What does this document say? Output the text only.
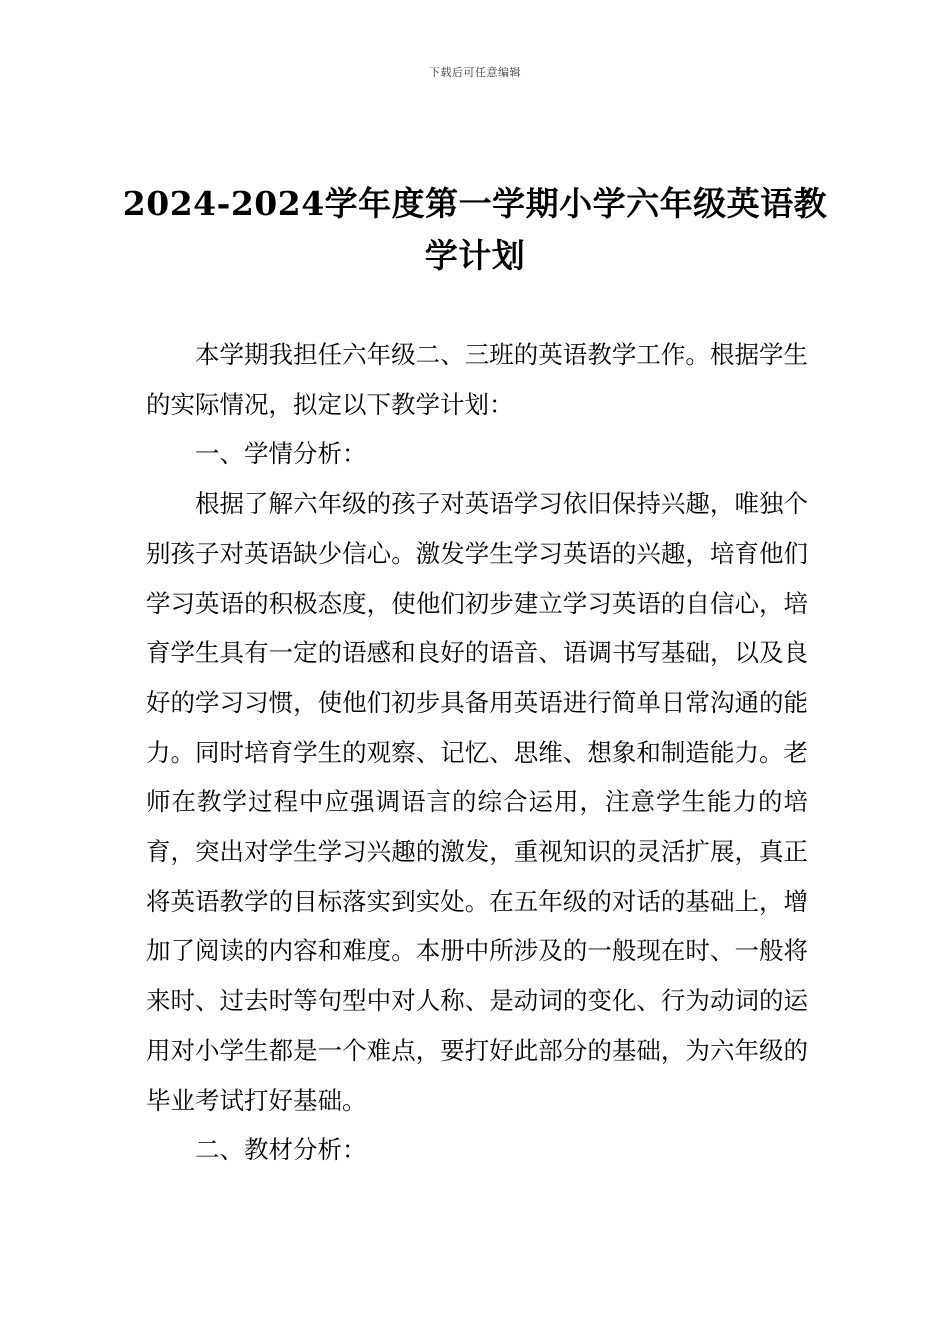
下载后可任意编辑
2024-2024学年度第一学期小学六年级英语教学计划

本学期我担任六年级二、三班的英语教学工作。根据学生的实际情况，拟定以下教学计划：

一、学情分析：

根据了解六年级的孩子对英语学习依旧保持兴趣，唯独个别孩子对英语缺少信心。激发学生学习英语的兴趣，培育他们学习英语的积极态度，使他们初步建立学习英语的自信心，培育学生具有一定的语感和良好的语音、语调书写基础，以及良好的学习习惯，使他们初步具备用英语进行简单日常沟通的能力。同时培育学生的观察、记忆、思维、想象和制造能力。老师在教学过程中应强调语言的综合运用，注意学生能力的培育，突出对学生学习兴趣的激发，重视知识的灵活扩展，真正将英语教学的目标落实到实处。在五年级的对话的基础上，增加了阅读的内容和难度。本册中所涉及的一般现在时、一般将来时、过去时等句型中对人称、是动词的变化、行为动词的运用对小学生都是一个难点，要打好此部分的基础，为六年级的毕业考试打好基础。

二、教材分析：
